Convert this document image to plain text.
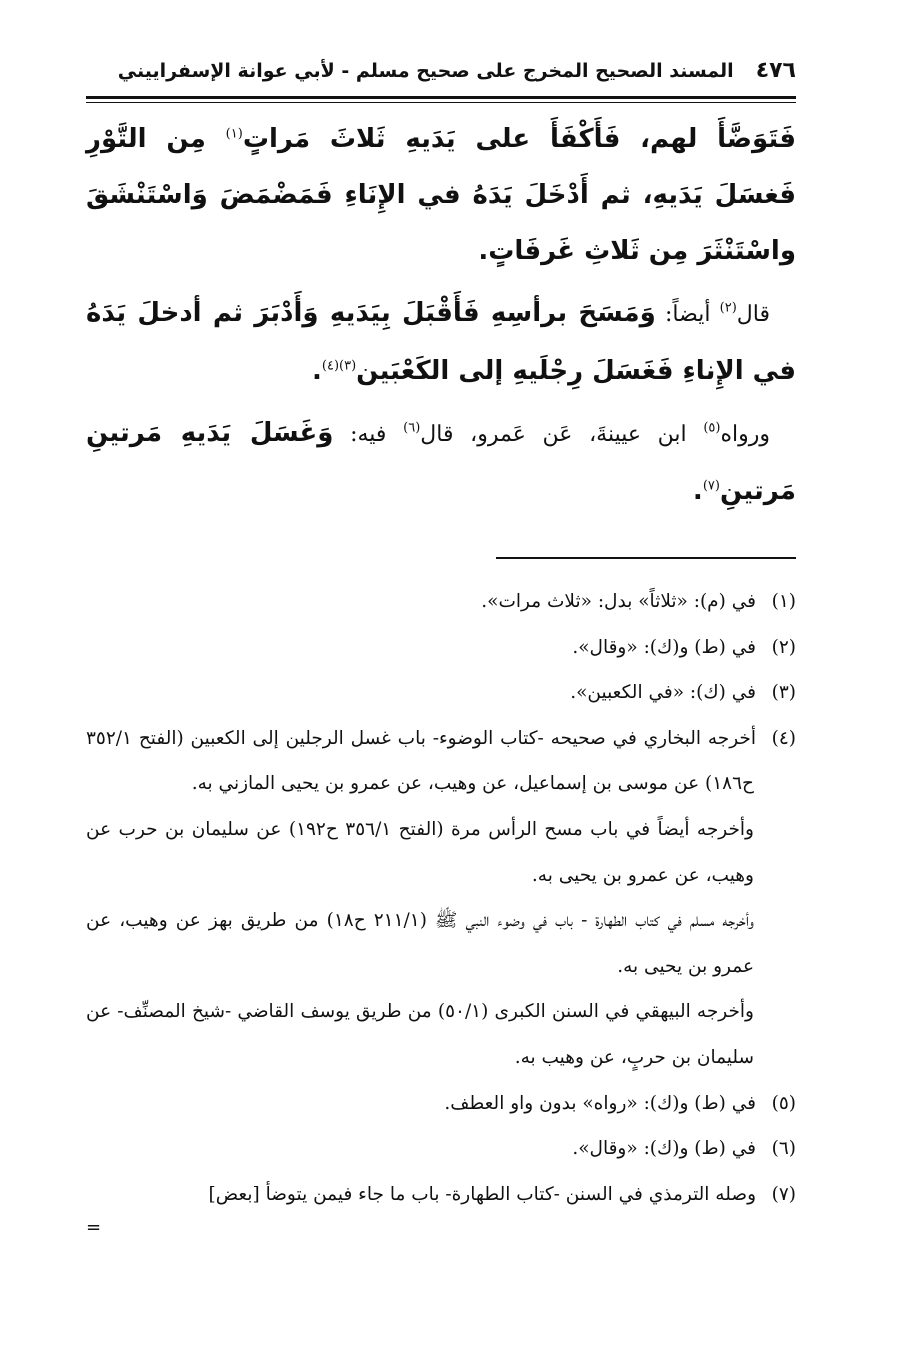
٤٧٦
المسند الصحيح المخرج على صحيح مسلم - لأبي عوانة الإسفراييني

فَتَوَضَّأَ لهم، فَأَكْفَأَ على يَدَيهِ ثَلاثَ مَراتٍ$^{(١)}$ مِن التَّوْرِ فَغسَلَ يَدَيهِ، ثم أَدْخَلَ يَدَهُ في الإِنَاءِ فَمَضْمَضَ وَاسْتَنْشَقَ واسْتَنْثَرَ مِن ثَلاثِ غَرفَاتٍ.

قال$^{(٢)}$ أيضاً: وَمَسَحَ برأسِهِ فَأَقْبَلَ بِيَدَيهِ وَأَدْبَرَ ثم أدخلَ يَدَهُ في الإِناءِ فَغَسَلَ رِجْلَيهِ إلى الكَعْبَين$^{(٣)(٤)}$.

ورواه$^{(٥)}$ ابن عيينةَ، عَن عَمرو، قال$^{(٦)}$ فيه: وَغَسَلَ يَدَيهِ مَرتينِ مَرتينِ$^{(٧)}$.

(١)في (م): «ثلاثاً» بدل: «ثلاث مرات».

(٢)في (ط) و(ك): «وقال».

(٣)في (ك): «في الكعبين».

(٤)أخرجه البخاري في صحيحه -كتاب الوضوء- باب غسل الرجلين إلى الكعبين (الفتح ٣٥٢/١ ح١٨٦) عن موسى بن إسماعيل، عن وهيب، عن عمرو بن يحيى المازني به.

وأخرجه أيضاً في باب مسح الرأس مرة (الفتح ٣٥٦/١ ح١٩٢) عن سليمان بن حرب عن وهيب، عن عمرو بن يحيى به.

وأخرجه مسلم في كتاب الطهارة - باب في وضوء النبي ﷺ (٢١١/١ ح١٨) من طريق بهز عن وهيب، عن عمرو بن يحيى به.

وأخرجه البيهقي في السنن الكبرى (٥٠/١) من طريق يوسف القاضي -شيخ المصنِّف- عن سليمان بن حربٍ، عن وهيب به.

(٥)في (ط) و(ك): «رواه» بدون واو العطف.

(٦)في (ط) و(ك): «وقال».

(٧)وصله الترمذي في السنن -كتاب الطهارة- باب ما جاء فيمن يتوضأ [بعض]

=
